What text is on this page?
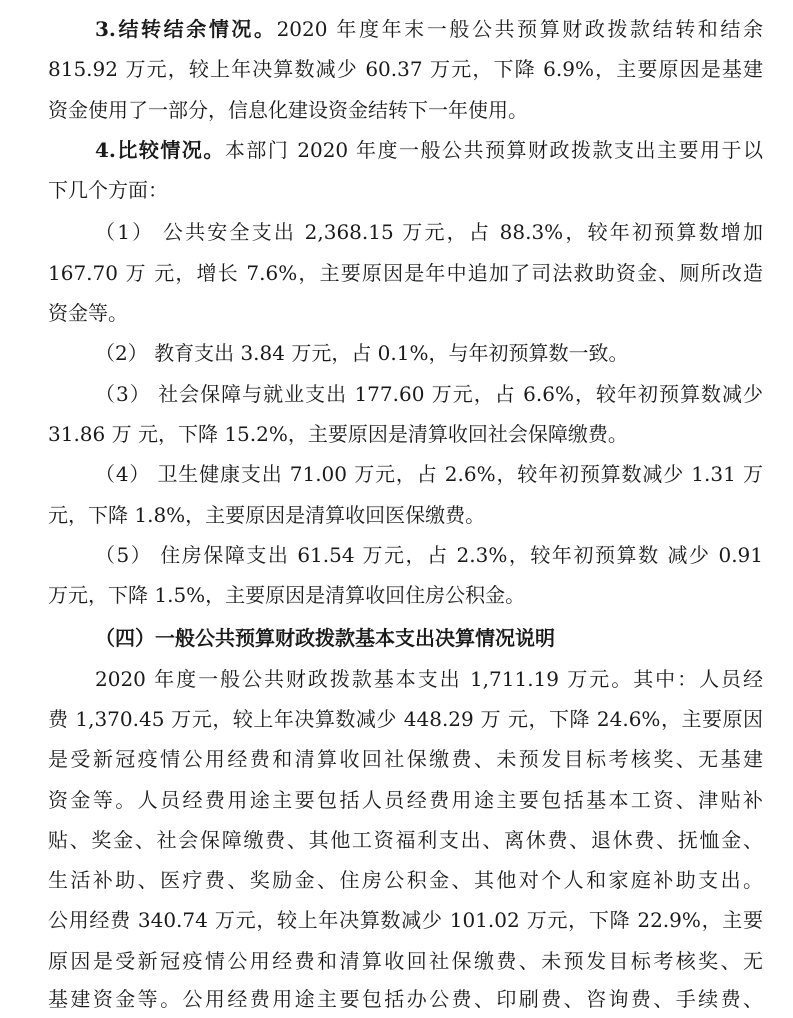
3.结转结余情况。2020 年度年末一般公共预算财政拨款结转和结余
815.92 万元，较上年决算数减少 60.37 万元，下降 6.9%，主要原因是基建
资金使用了一部分，信息化建设资金结转下一年使用。
4.比较情况。本部门 2020 年度一般公共预算财政拨款支出主要用于以
下几个方面：
（1） 公共安全支出 2,368.15 万元，占 88.3%，较年初预算数增加
167.70 万 元，增长 7.6%，主要原因是年中追加了司法救助资金、厕所改造
资金等。
（2） 教育支出 3.84 万元，占 0.1%，与年初预算数一致。
（3） 社会保障与就业支出 177.60 万元，占 6.6%，较年初预算数减少
31.86 万 元，下降 15.2%，主要原因是清算收回社会保障缴费。
（4） 卫生健康支出 71.00 万元，占 2.6%，较年初预算数减少 1.31 万
元，下降 1.8%，主要原因是清算收回医保缴费。
（5） 住房保障支出 61.54 万元，占 2.3%，较年初预算数 减少 0.91
万元，下降 1.5%，主要原因是清算收回住房公积金。
（四）一般公共预算财政拨款基本支出决算情况说明
2020 年度一般公共财政拨款基本支出 1,711.19 万元。其中：人员经
费 1,370.45 万元，较上年决算数减少 448.29 万 元，下降 24.6%，主要原因
是受新冠疫情公用经费和清算收回社保缴费、未预发目标考核奖、无基建
资金等。人员经费用途主要包括人员经费用途主要包括基本工资、津贴补
贴、奖金、社会保障缴费、其他工资福利支出、离休费、退休费、抚恤金、
生活补助、医疗费、奖励金、住房公积金、其他对个人和家庭补助支出。
公用经费 340.74 万元，较上年决算数减少 101.02 万元，下降 22.9%，主要
原因是受新冠疫情公用经费和清算收回社保缴费、未预发目标考核奖、无
基建资金等。公用经费用途主要包括办公费、印刷费、咨询费、手续费、
